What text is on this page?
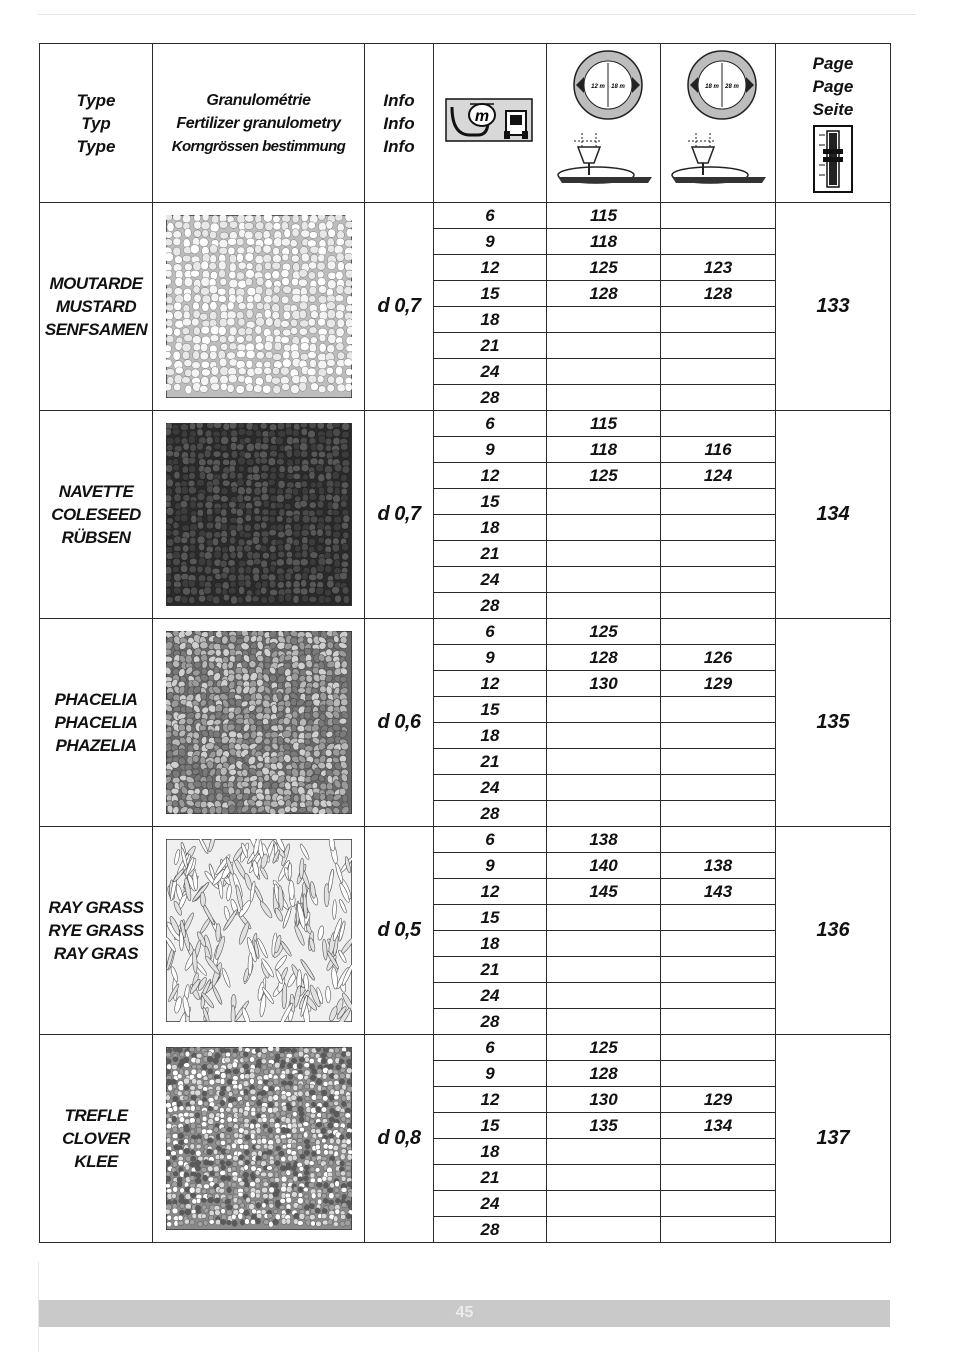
Type
Typ
Type	Granulométrie
Fertilizer granulometry
Korngrössen bestimmung	Info
Info
Info	m	12 m 18 m	18 m 28 m	Page
Page
Seite

MOUTARDE
MUSTARD
SENFSAMEN		d 0,7	6	115		133
			9	118		
			12	125	123	
			15	128	128	
			18			
			21			
			24			
			28			

NAVETTE
COLESEED
RÜBSEN		d 0,7	6	115		134
			9	118	116	
			12	125	124	
			15			
			18			
			21			
			24			
			28			

PHACELIA
PHACELIA
PHAZELIA		d 0,6	6	125		135
			9	128	126	
			12	130	129	
			15			
			18			
			21			
			24			
			28			

RAY GRASS
RYE GRASS
RAY GRAS		d 0,5	6	138		136
			9	140	138	
			12	145	143	
			15			
			18			
			21			
			24			
			28			

TREFLE
CLOVER
KLEE		d 0,8	6	125		137
			9	128		
			12	130	129	
			15	135	134	
			18			
			21			
			24			
			28			
45
